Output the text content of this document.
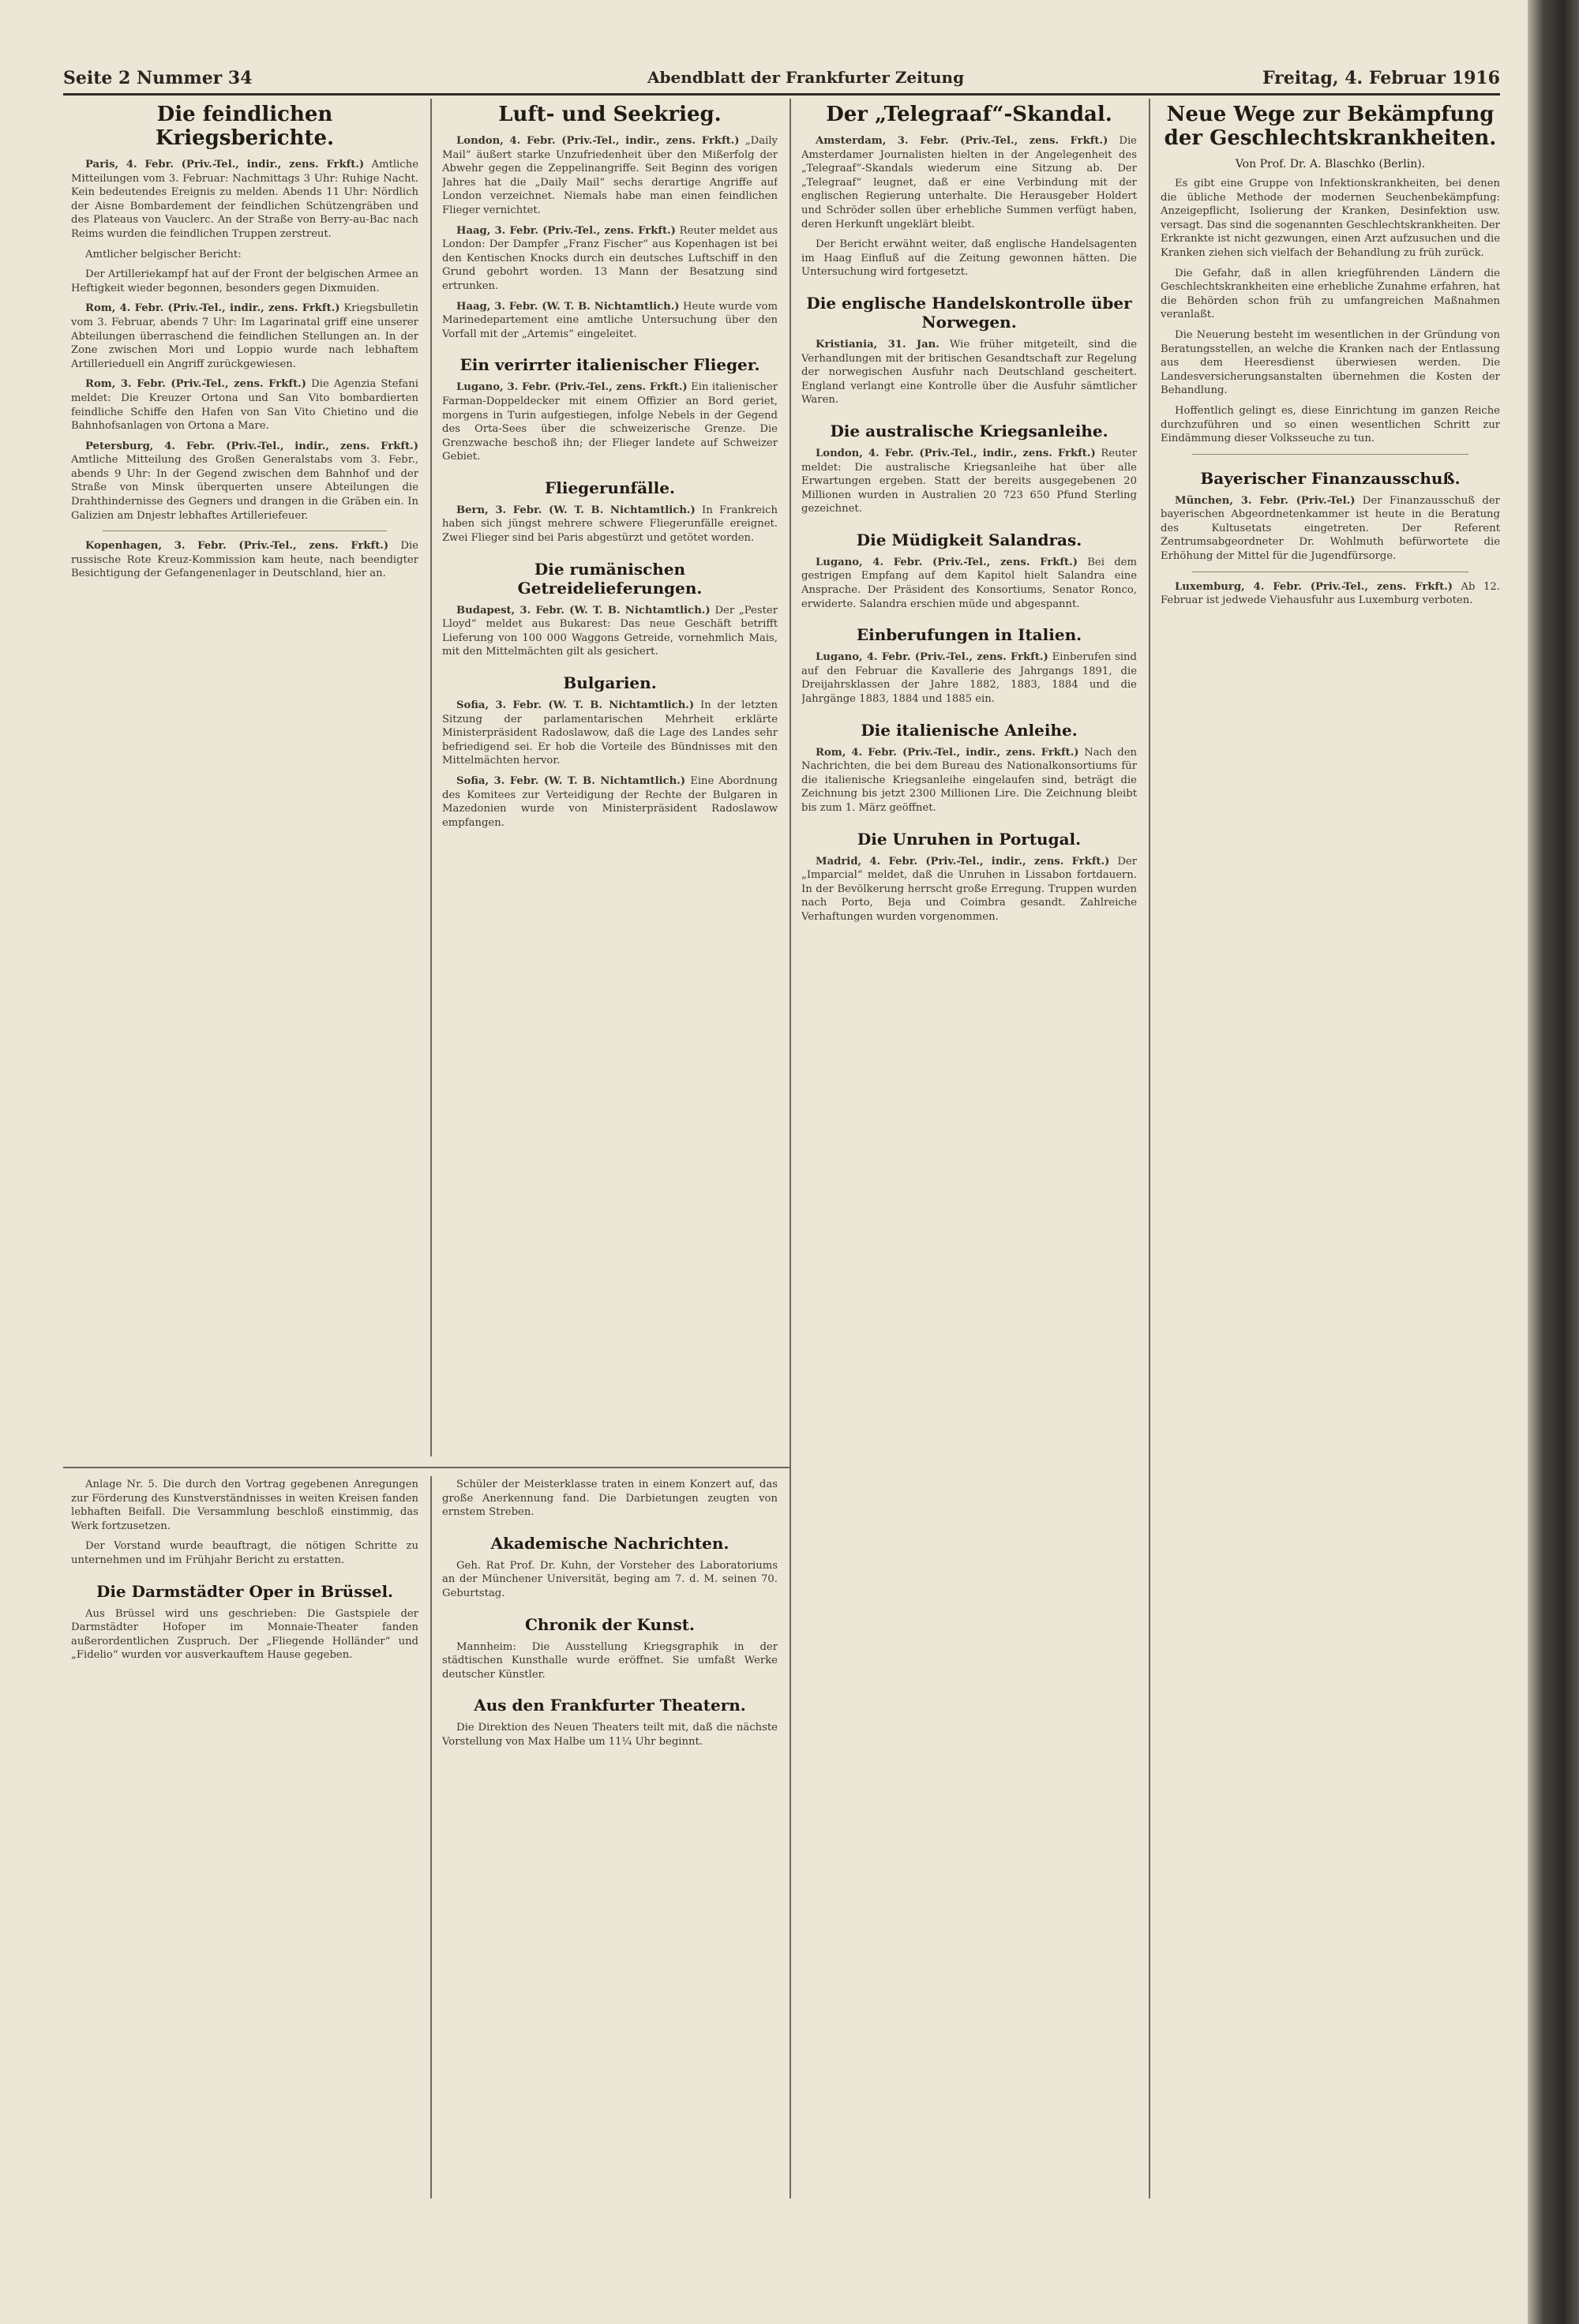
Seite 2 Nummer 34	Abendblatt der Frankfurter Zeitung	Freitag, 4. Februar 1916
Die feindlichen Kriegsberichte.

Paris, 4. Febr. (Priv.-Tel., indir., zens. Frkft.) Amtliche Mitteilungen vom 3. Februar: Nachmittags 3 Uhr: Ruhige Nacht. Kein bedeutendes Ereignis zu melden. Abends 11 Uhr: Nördlich der Aisne Bombardement der feindlichen Schützengräben und des Plateaus von Vauclerc. An der Straße von Berry-au-Bac nach Reims wurden die feindlichen Truppen zerstreut.

Amtlicher belgischer Bericht:

Der Artilleriekampf hat auf der Front der belgischen Armee an Heftigkeit wieder begonnen, besonders gegen Dixmuiden.

Rom, 4. Febr. (Priv.-Tel., indir., zens. Frkft.) Kriegsbulletin vom 3. Februar, abends 7 Uhr: Im Lagarinatal griff eine unserer Abteilungen überraschend die feindlichen Stellungen an. In der Zone zwischen Mori und Loppio wurde nach lebhaftem Artillerieduell ein Angriff zurückgewiesen.

Rom, 3. Febr. (Priv.-Tel., zens. Frkft.) Die Agenzia Stefani meldet: Die Kreuzer Ortona und San Vito bombardierten feindliche Schiffe den Hafen von San Vito Chietino und die Bahnhofsanlagen von Ortona a Mare.

Petersburg, 4. Febr. (Priv.-Tel., indir., zens. Frkft.) Amtliche Mitteilung des Großen Generalstabs vom 3. Febr., abends 9 Uhr: In der Gegend zwischen dem Bahnhof und der Straße von Minsk überquerten unsere Abteilungen die Drahthindernisse des Gegners und drangen in die Gräben ein. In Galizien am Dnjestr lebhaftes Artilleriefeuer.

Kopenhagen, 3. Febr. (Priv.-Tel., zens. Frkft.) Die russische Rote Kreuz-Kommission kam heute, nach beendigter Besichtigung der Gefangenenlager in Deutschland, hier an.

Luft- und Seekrieg.

London, 4. Febr. (Priv.-Tel., indir., zens. Frkft.) „Daily Mail“ äußert starke Unzufriedenheit über den Mißerfolg der Abwehr gegen die Zeppelinangriffe. Seit Beginn des vorigen Jahres hat die „Daily Mail“ sechs derartige Angriffe auf London verzeichnet. Niemals habe man einen feindlichen Flieger vernichtet.

Haag, 3. Febr. (Priv.-Tel., zens. Frkft.) Reuter meldet aus London: Der Dampfer „Franz Fischer“ aus Kopenhagen ist bei den Kentischen Knocks durch ein deutsches Luftschiff in den Grund gebohrt worden. 13 Mann der Besatzung sind ertrunken.

Haag, 3. Febr. (W. T. B. Nichtamtlich.) Heute wurde vom Marinedepartement eine amtliche Untersuchung über den Vorfall mit der „Artemis“ eingeleitet.

Ein verirrter italienischer Flieger.

Lugano, 3. Febr. (Priv.-Tel., zens. Frkft.) Ein italienischer Farman-Doppeldecker mit einem Offizier an Bord geriet, morgens in Turin aufgestiegen, infolge Nebels in der Gegend des Orta-Sees über die schweizerische Grenze. Die Grenzwache beschoß ihn; der Flieger landete auf Schweizer Gebiet.

Fliegerunfälle.

Bern, 3. Febr. (W. T. B. Nichtamtlich.) In Frankreich haben sich jüngst mehrere schwere Fliegerunfälle ereignet. Zwei Flieger sind bei Paris abgestürzt und getötet worden.

Die rumänischen Getreidelieferungen.

Budapest, 3. Febr. (W. T. B. Nichtamtlich.) Der „Pester Lloyd“ meldet aus Bukarest: Das neue Geschäft betrifft Lieferung von 100 000 Waggons Getreide, vornehmlich Mais, mit den Mittelmächten gilt als gesichert.

Bulgarien.

Sofia, 3. Febr. (W. T. B. Nichtamtlich.) In der letzten Sitzung der parlamentarischen Mehrheit erklärte Ministerpräsident Radoslawow, daß die Lage des Landes sehr befriedigend sei. Er hob die Vorteile des Bündnisses mit den Mittelmächten hervor.

Sofia, 3. Febr. (W. T. B. Nichtamtlich.) Eine Abordnung des Komitees zur Verteidigung der Rechte der Bulgaren in Mazedonien wurde von Ministerpräsident Radoslawow empfangen.

Der „Telegraaf“-Skandal.

Amsterdam, 3. Febr. (Priv.-Tel., zens. Frkft.) Die Amsterdamer Journalisten hielten in der Angelegenheit des „Telegraaf“-Skandals wiederum eine Sitzung ab. Der „Telegraaf“ leugnet, daß er eine Verbindung mit der englischen Regierung unterhalte. Die Herausgeber Holdert und Schröder sollen über erhebliche Summen verfügt haben, deren Herkunft ungeklärt bleibt.

Der Bericht erwähnt weiter, daß englische Handelsagenten im Haag Einfluß auf die Zeitung gewonnen hätten. Die Untersuchung wird fortgesetzt.

Die englische Handelskontrolle über Norwegen.

Kristiania, 31. Jan. Wie früher mitgeteilt, sind die Verhandlungen mit der britischen Gesandtschaft zur Regelung der norwegischen Ausfuhr nach Deutschland gescheitert. England verlangt eine Kontrolle über die Ausfuhr sämtlicher Waren.

Die australische Kriegsanleihe.

London, 4. Febr. (Priv.-Tel., indir., zens. Frkft.) Reuter meldet: Die australische Kriegsanleihe hat über alle Erwartungen ergeben. Statt der bereits ausgegebenen 20 Millionen wurden in Australien 20 723 650 Pfund Sterling gezeichnet.

Die Müdigkeit Salandras.

Lugano, 4. Febr. (Priv.-Tel., zens. Frkft.) Bei dem gestrigen Empfang auf dem Kapitol hielt Salandra eine Ansprache. Der Präsident des Konsortiums, Senator Ronco, erwiderte. Salandra erschien müde und abgespannt.

Einberufungen in Italien.

Lugano, 4. Febr. (Priv.-Tel., zens. Frkft.) Einberufen sind auf den Februar die Kavallerie des Jahrgangs 1891, die Dreijahrsklassen der Jahre 1882, 1883, 1884 und die Jahrgänge 1883, 1884 und 1885 ein.

Die italienische Anleihe.

Rom, 4. Febr. (Priv.-Tel., indir., zens. Frkft.) Nach den Nachrichten, die bei dem Bureau des Nationalkonsortiums für die italienische Kriegsanleihe eingelaufen sind, beträgt die Zeichnung bis jetzt 2300 Millionen Lire. Die Zeichnung bleibt bis zum 1. März geöffnet.

Die Unruhen in Portugal.

Madrid, 4. Febr. (Priv.-Tel., indir., zens. Frkft.) Der „Imparcial“ meldet, daß die Unruhen in Lissabon fortdauern. In der Bevölkerung herrscht große Erregung. Truppen wurden nach Porto, Beja und Coimbra gesandt. Zahlreiche Verhaftungen wurden vorgenommen.

Neue Wege zur Bekämpfung der Geschlechtskrankheiten.
Von Prof. Dr. A. Blaschko (Berlin).

Es gibt eine Gruppe von Infektionskrankheiten, bei denen die übliche Methode der modernen Seuchenbekämpfung: Anzeigepflicht, Isolierung der Kranken, Desinfektion usw. versagt. Das sind die sogenannten Geschlechtskrankheiten. Der Erkrankte ist nicht gezwungen, einen Arzt aufzusuchen und die Kranken ziehen sich vielfach der Behandlung zu früh zurück.

Die Gefahr, daß in allen kriegführenden Ländern die Geschlechtskrankheiten eine erhebliche Zunahme erfahren, hat die Behörden schon früh zu umfangreichen Maßnahmen veranlaßt.

Die Neuerung besteht im wesentlichen in der Gründung von Beratungsstellen, an welche die Kranken nach der Entlassung aus dem Heeresdienst überwiesen werden. Die Landesversicherungsanstalten übernehmen die Kosten der Behandlung.

Hoffentlich gelingt es, diese Einrichtung im ganzen Reiche durchzuführen und so einen wesentlichen Schritt zur Eindämmung dieser Volksseuche zu tun.

Bayerischer Finanzausschuß.

München, 3. Febr. (Priv.-Tel.) Der Finanzausschuß der bayerischen Abgeordnetenkammer ist heute in die Beratung des Kultusetats eingetreten. Der Referent Zentrumsabgeordneter Dr. Wohlmuth befürwortete die Erhöhung der Mittel für die Jugendfürsorge.

Luxemburg, 4. Febr. (Priv.-Tel., zens. Frkft.) Ab 12. Februar ist jedwede Viehausfuhr aus Luxemburg verboten.

Anlage Nr. 5. Die durch den Vortrag gegebenen Anregungen zur Förderung des Kunstverständnisses in weiten Kreisen fanden lebhaften Beifall. Die Versammlung beschloß einstimmig, das Werk fortzusetzen.

Der Vorstand wurde beauftragt, die nötigen Schritte zu unternehmen und im Frühjahr Bericht zu erstatten.

Die Darmstädter Oper in Brüssel.

Aus Brüssel wird uns geschrieben: Die Gastspiele der Darmstädter Hofoper im Monnaie-Theater fanden außerordentlichen Zuspruch. Der „Fliegende Holländer“ und „Fidelio“ wurden vor ausverkauftem Hause gegeben.

Schüler der Meisterklasse traten in einem Konzert auf, das große Anerkennung fand. Die Darbietungen zeugten von ernstem Streben.

Akademische Nachrichten.

Geh. Rat Prof. Dr. Kuhn, der Vorsteher des Laboratoriums an der Münchener Universität, beging am 7. d. M. seinen 70. Geburtstag.

Chronik der Kunst.

Mannheim: Die Ausstellung Kriegsgraphik in der städtischen Kunsthalle wurde eröffnet. Sie umfaßt Werke deutscher Künstler.

Aus den Frankfurter Theatern.

Die Direktion des Neuen Theaters teilt mit, daß die nächste Vorstellung von Max Halbe um 11¼ Uhr beginnt.
